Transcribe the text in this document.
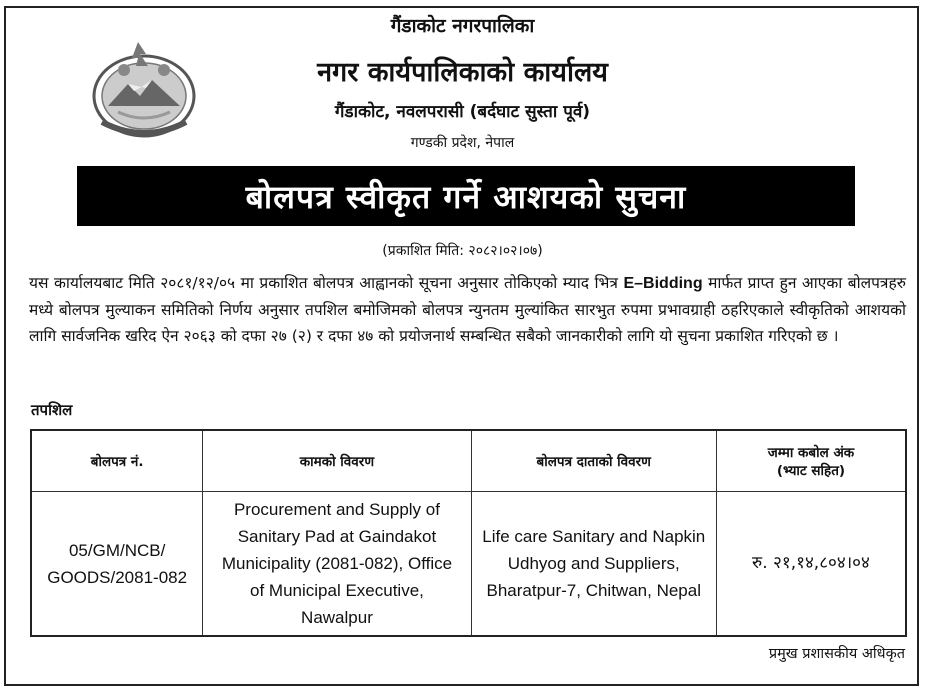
गैंडाकोट नगरपालिका
नगर कार्यपालिकाको कार्यालय
गैंडाकोट, नवलपरासी (बर्दघाट सुस्ता पूर्व)
गण्डकी प्रदेश, नेपाल
बोलपत्र स्वीकृत गर्ने आशयको सुचना
(प्रकाशित मिति: २०८२।०२।०७)
यस कार्यालयबाट मिति २०८१/१२/०५ मा प्रकाशित बोलपत्र आह्वानको सूचना अनुसार तोकिएको म्याद भित्र E–Bidding मार्फत प्राप्त हुन आएका बोलपत्रहरु मध्ये बोलपत्र मुल्याकन समितिको निर्णय अनुसार तपशिल बमोजिमको बोलपत्र न्युनतम मुल्यांकित सारभुत रुपमा प्रभावग्राही ठहरिएकाले स्वीकृतिको आशयको लागि सार्वजनिक खरिद ऐन २०६३ को दफा २७ (२) र दफा ४७ को प्रयोजनार्थ सम्बन्धित सबैको जानकारीको लागि यो सुचना प्रकाशित गरिएको छ ।
तपशिल
बोलपत्र नं.	कामको विवरण	बोलपत्र दाताको विवरण	जम्मा कबोल अंक
(भ्याट सहित)
05/GM/NCB/ GOODS/2081-082	Procurement and Supply of Sanitary Pad at Gaindakot Municipality (2081-082), Office of Municipal Executive, Nawalpur	Life care Sanitary and Napkin Udhyog and Suppliers, Bharatpur-7, Chitwan, Nepal	रु. २१,१४,८०४।०४
प्रमुख प्रशासकीय अधिकृत
